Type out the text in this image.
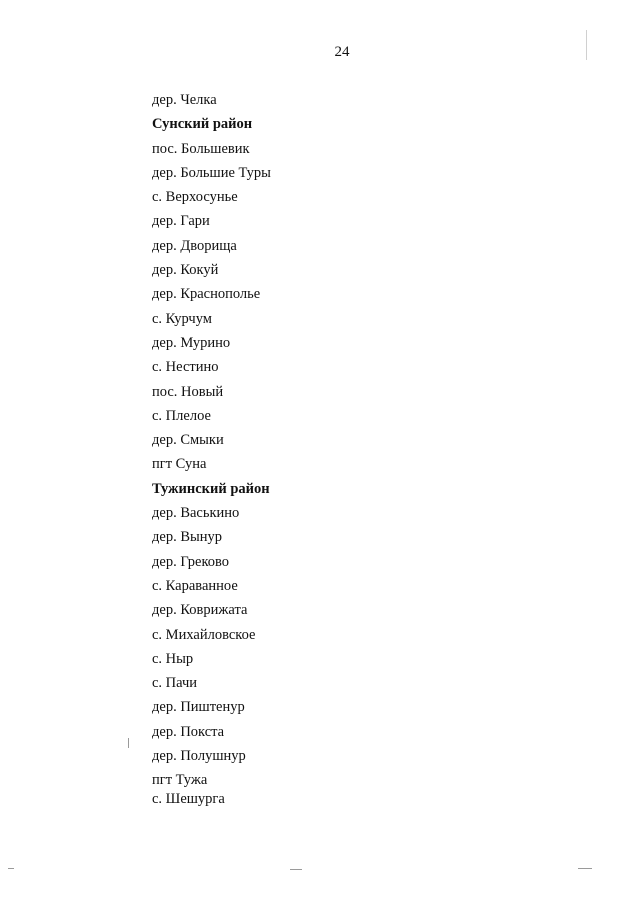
24
дер. Челка
Сунский район
пос. Большевик
дер. Большие Туры
с. Верхосунье
дер. Гари
дер. Дворища
дер. Кокуй
дер. Краснополье
с. Курчум
дер. Мурино
с. Нестино
пос. Новый
с. Плелое
дер. Смыки
пгт Суна
Тужинский район
дер. Васькино
дер. Вынур
дер. Греково
с. Караванное
дер. Коврижата
с. Михайловское
с. Ныр
с. Пачи
дер. Пиштенур
дер. Покста
дер. Полушнур
пгт Тужа
с. Шешурга
